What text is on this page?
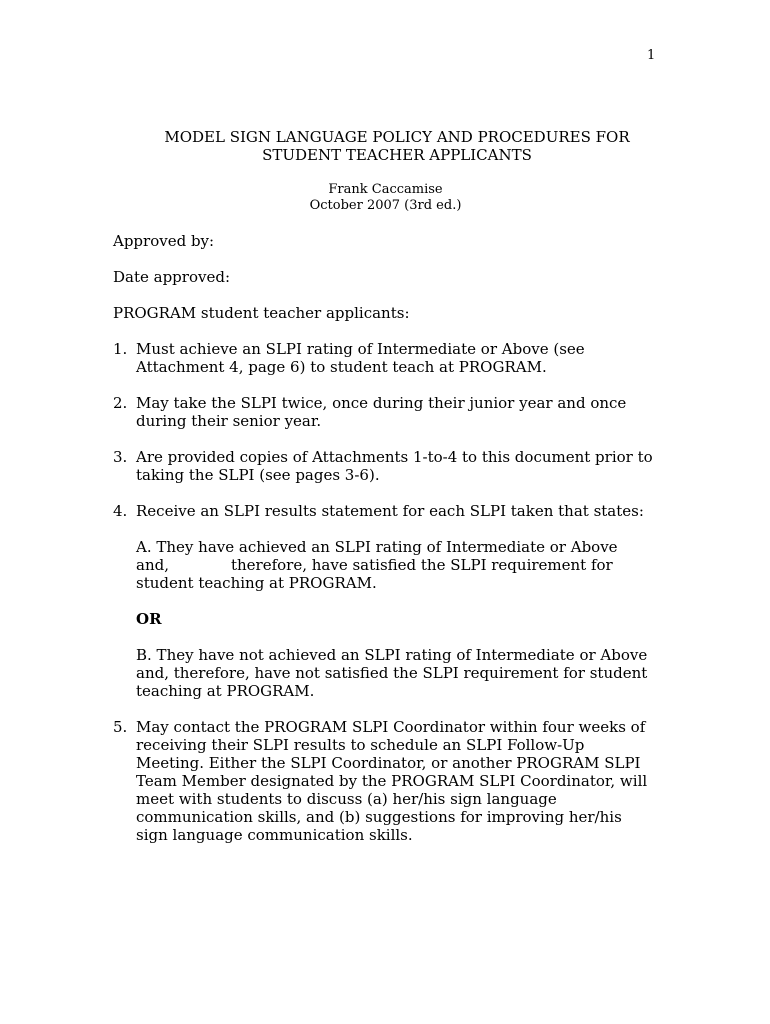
1
MODEL SIGN LANGUAGE POLICY AND PROCEDURES FOR
STUDENT TEACHER APPLICANTS
Frank Caccamise
October 2007 (3rd ed.)
Approved by:
Date approved:
PROGRAM student teacher applicants:
1. Must achieve an SLPI rating of Intermediate or Above (see
Attachment 4, page 6) to student teach at PROGRAM.
2. May take the SLPI twice, once during their junior year and once
during their senior year.
3. Are provided copies of Attachments 1-to-4 to this document prior to
taking the SLPI (see pages 3-6).
4. Receive an SLPI results statement for each SLPI taken that states:
A. They have achieved an SLPI rating of Intermediate or Above
and,	therefore, have satisfied the SLPI requirement for
student teaching at PROGRAM.
OR
B. They have not achieved an SLPI rating of Intermediate or Above
and, therefore, have not satisfied the SLPI requirement for student
teaching at PROGRAM.
5. May contact the PROGRAM SLPI Coordinator within four weeks of
receiving their SLPI results to schedule an SLPI Follow-Up
Meeting. Either the SLPI Coordinator, or another PROGRAM SLPI
Team Member designated by the PROGRAM SLPI Coordinator, will
meet with students to discuss (a) her/his sign language
communication skills, and (b) suggestions for improving her/his
sign language communication skills.
